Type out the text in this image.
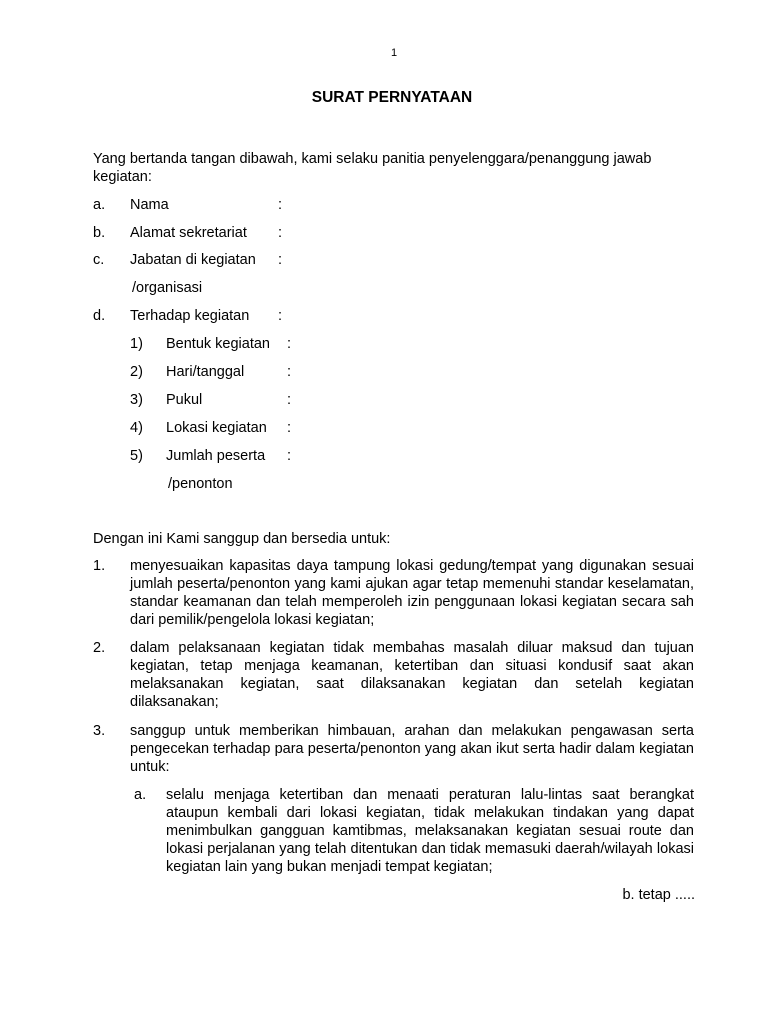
1
SURAT PERNYATAAN
Yang bertanda tangan dibawah, kami selaku panitia penyelenggara/penanggung jawab kegiatan:
a. Nama	:
b. Alamat sekretariat :
c. Jabatan di kegiatan :
/organisasi
d. Terhadap kegiatan :
1) Bentuk kegiatan :
2) Hari/tanggal	:
3) Pukul	:
4) Lokasi kegiatan :
5) Jumlah peserta :
/penonton
Dengan ini Kami sanggup dan bersedia untuk:
1. menyesuaikan kapasitas daya tampung lokasi gedung/tempat yang digunakan sesuai jumlah peserta/penonton yang kami ajukan agar tetap memenuhi standar keselamatan, standar keamanan dan telah memperoleh izin penggunaan lokasi kegiatan secara sah dari pemilik/pengelola lokasi kegiatan;
2. dalam pelaksanaan kegiatan tidak membahas masalah diluar maksud dan tujuan kegiatan, tetap menjaga keamanan, ketertiban dan situasi kondusif saat akan melaksanakan kegiatan, saat dilaksanakan kegiatan dan setelah kegiatan dilaksanakan;
3. sanggup untuk memberikan himbauan, arahan dan melakukan pengawasan serta pengecekan terhadap para peserta/penonton yang akan ikut serta hadir dalam kegiatan untuk:
a. selalu menjaga ketertiban dan menaati peraturan lalu-lintas saat berangkat ataupun kembali dari lokasi kegiatan, tidak melakukan tindakan yang dapat menimbulkan gangguan kamtibmas, melaksanakan kegiatan sesuai route dan lokasi perjalanan yang telah ditentukan dan tidak memasuki daerah/wilayah lokasi kegiatan lain yang bukan menjadi tempat kegiatan;
b. tetap .....
